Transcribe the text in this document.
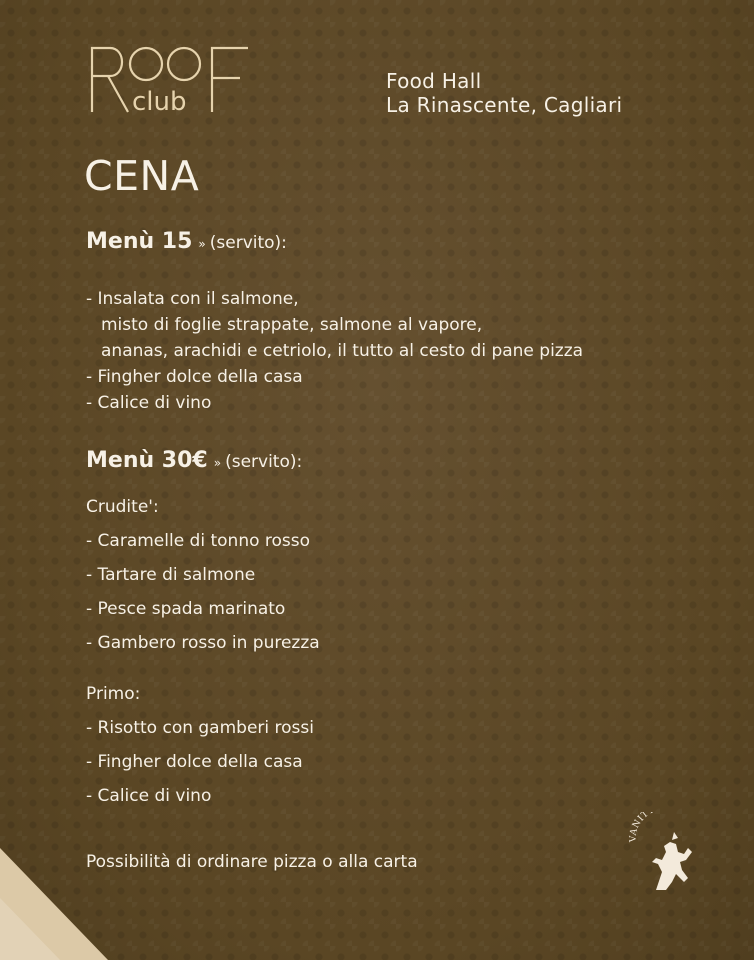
club
Food Hall
La Rinascente, Cagliari
CENA
Menù 15 » (servito):
- Insalata con il salmone,
misto di foglie strappate, salmone al vapore,
ananas, arachidi e cetriolo, il tutto al cesto di pane pizza
- Fingher dolce della casa
- Calice di vino
Menù 30€ » (servito):
Crudite':
- Caramelle di tonno rosso
- Tartare di salmone
- Pesce spada marinato
- Gambero rosso in purezza
Primo:
- Risotto con gamberi rossi
- Fingher dolce della casa
- Calice di vino
Possibilità di ordinare pizza o alla carta
VANIT
